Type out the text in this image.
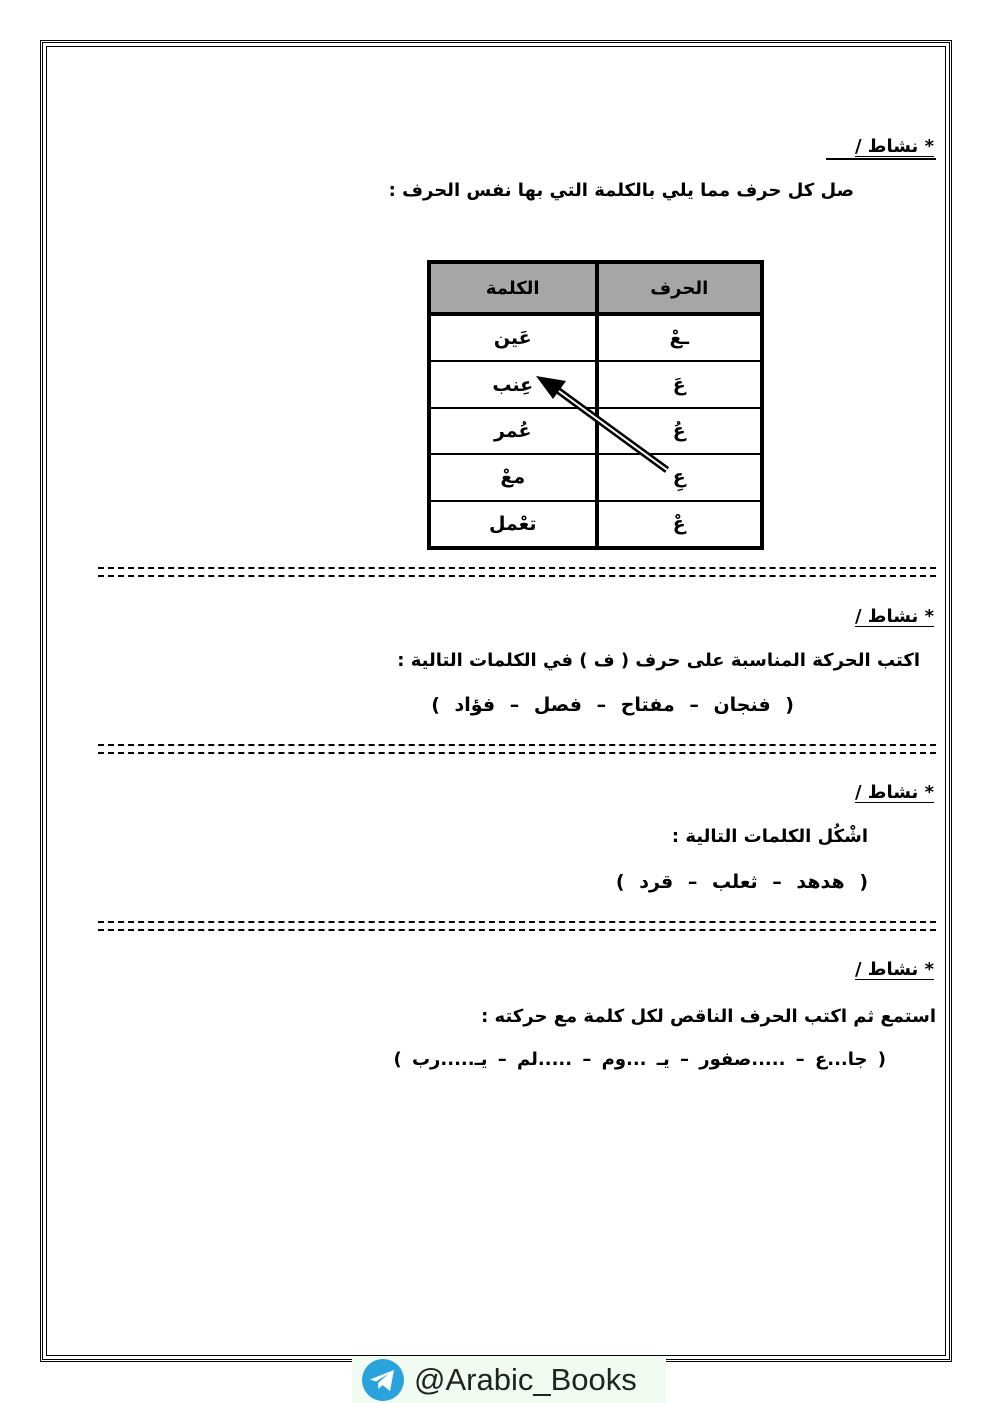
* نشاط /
صل كل حرف مما يلي بالكلمة التي بها نفس الحرف :
الحرف	الكلمة
ـعْ	عَين
عَ	عِنب
عُ	عُمر
عِ	معْ
عْ	تعْمل
* نشاط /
اكتب الحركة المناسبة على حرف ( ف ) في الكلمات التالية :
( فنجان – مفتاح – فصل – فؤاد )
* نشاط /
اشْكُل الكلمات التالية :
( هدهد – ثعلب – قرد )
* نشاط /
استمع ثم اكتب الحرف الناقص لكل كلمة مع حركته :
( جا...ع – .....صفور – يـ ...وم – .....لم – يـ.....رب )
@Arabic_Books
